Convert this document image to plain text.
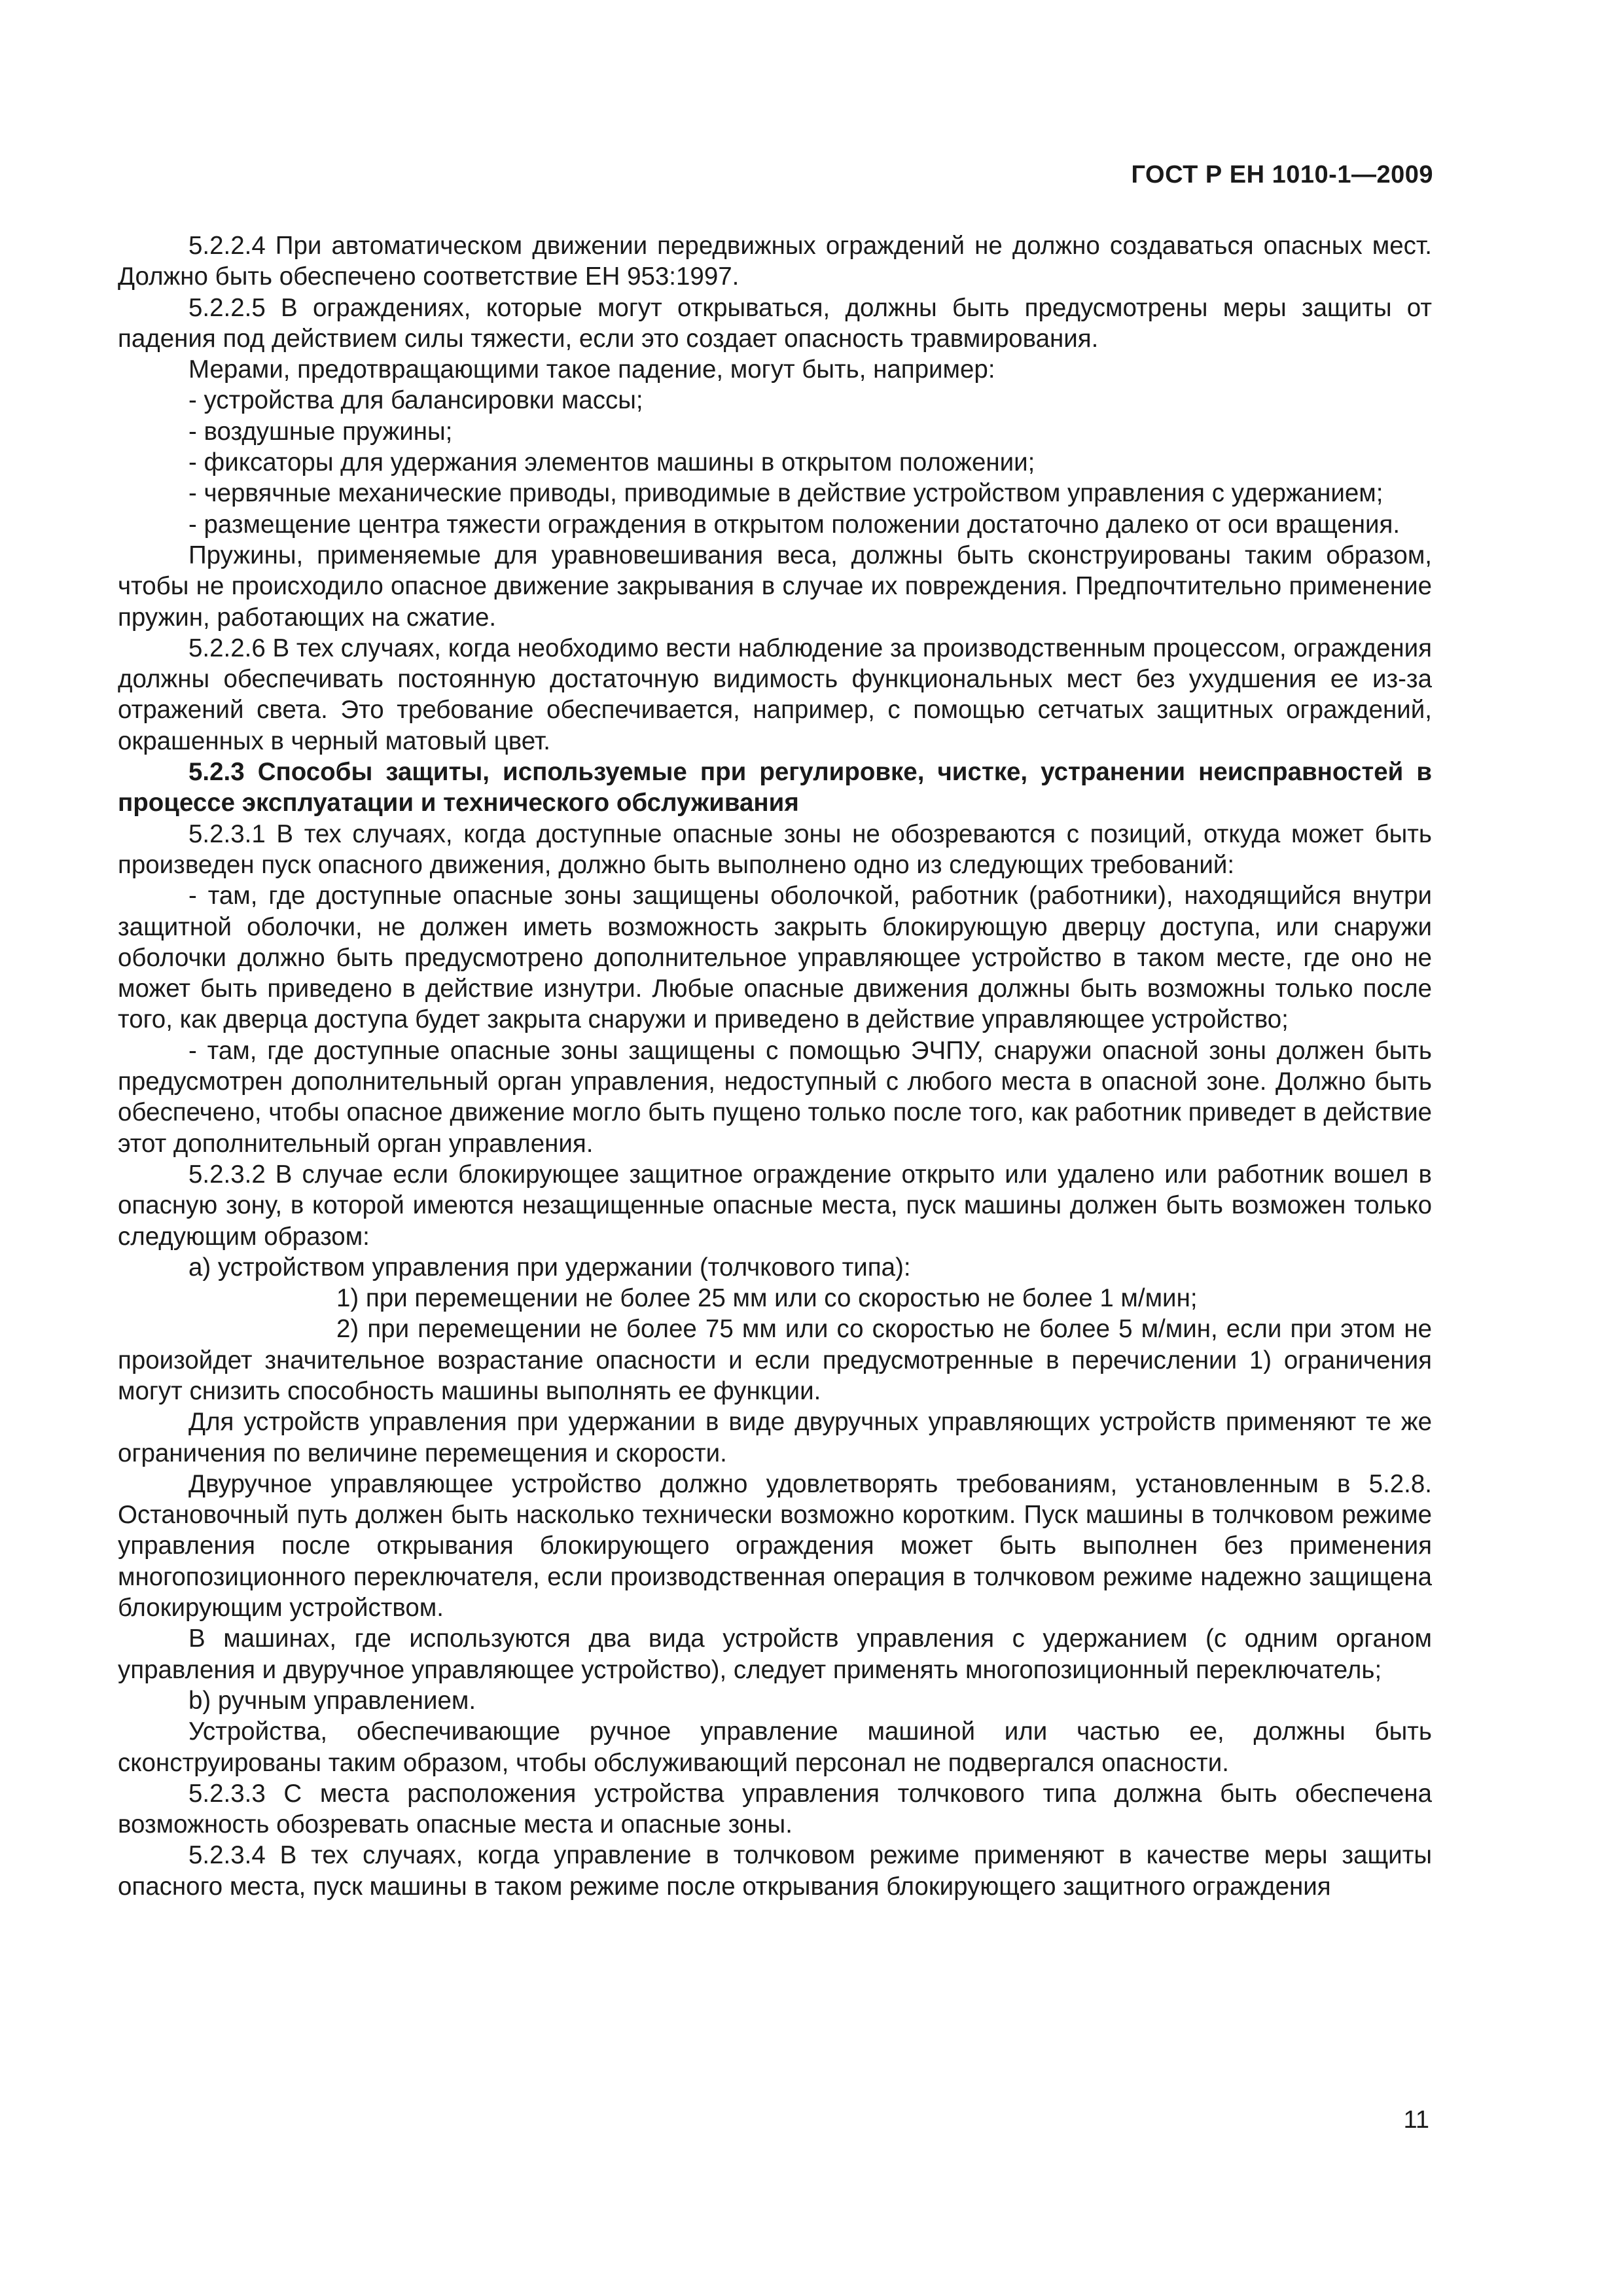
ГОСТ Р ЕН 1010-1—2009

5.2.2.4 При автоматическом движении передвижных ограждений не должно создаваться опасных мест. Должно быть обеспечено соответствие ЕН 953:1997.

5.2.2.5 В ограждениях, которые могут открываться, должны быть предусмотрены меры защиты от падения под действием силы тяжести, если это создает опасность травмирования.

Мерами, предотвращающими такое падение, могут быть, например:

- устройства для балансировки массы;

- воздушные пружины;

- фиксаторы для удержания элементов машины в открытом положении;

- червячные механические приводы, приводимые в действие устройством управления с удержанием;

- размещение центра тяжести ограждения в открытом положении достаточно далеко от оси вращения.

Пружины, применяемые для уравновешивания веса, должны быть сконструированы таким образом, чтобы не происходило опасное движение закрывания в случае их повреждения. Предпочтительно применение пружин, работающих на сжатие.

5.2.2.6 В тех случаях, когда необходимо вести наблюдение за производственным процессом, ограждения должны обеспечивать постоянную достаточную видимость функциональных мест без ухудшения ее из-за отражений света. Это требование обеспечивается, например, с помощью сетчатых защитных ограждений, окрашенных в черный матовый цвет.

5.2.3 Способы защиты, используемые при регулировке, чистке, устранении неисправностей в процессе эксплуатации и технического обслуживания

5.2.3.1 В тех случаях, когда доступные опасные зоны не обозреваются с позиций, откуда может быть произведен пуск опасного движения, должно быть выполнено одно из следующих требований:

- там, где доступные опасные зоны защищены оболочкой, работник (работники), находящийся внутри защитной оболочки, не должен иметь возможность закрыть блокирующую дверцу доступа, или снаружи оболочки должно быть предусмотрено дополнительное управляющее устройство в таком месте, где оно не может быть приведено в действие изнутри. Любые опасные движения должны быть возможны только после того, как дверца доступа будет закрыта снаружи и приведено в действие управляющее устройство;

- там, где доступные опасные зоны защищены с помощью ЭЧПУ, снаружи опасной зоны должен быть предусмотрен дополнительный орган управления, недоступный с любого места в опасной зоне. Должно быть обеспечено, чтобы опасное движение могло быть пущено только после того, как работник приведет в действие этот дополнительный орган управления.

5.2.3.2 В случае если блокирующее защитное ограждение открыто или удалено или работник вошел в опасную зону, в которой имеются незащищенные опасные места, пуск машины должен быть возможен только следующим образом:

а) устройством управления при удержании (толчкового типа):

1) при перемещении не более 25 мм или со скоростью не более 1 м/мин;

2) при перемещении не более 75 мм или со скоростью не более 5 м/мин, если при этом не произойдет значительное возрастание опасности и если предусмотренные в перечислении 1) ограничения могут снизить способность машины выполнять ее функции.

Для устройств управления при удержании в виде двуручных управляющих устройств применяют те же ограничения по величине перемещения и скорости.

Двуручное управляющее устройство должно удовлетворять требованиям, установленным в 5.2.8. Остановочный путь должен быть насколько технически возможно коротким. Пуск машины в толчковом режиме управления после открывания блокирующего ограждения может быть выполнен без применения многопозиционного переключателя, если производственная операция в толчковом режиме надежно защищена блокирующим устройством.

В машинах, где используются два вида устройств управления с удержанием (с одним органом управления и двуручное управляющее устройство), следует применять многопозиционный переключатель;

b) ручным управлением.

Устройства, обеспечивающие ручное управление машиной или частью ее, должны быть сконструированы таким образом, чтобы обслуживающий персонал не подвергался опасности.

5.2.3.3 С места расположения устройства управления толчкового типа должна быть обеспечена возможность обозревать опасные места и опасные зоны.

5.2.3.4 В тех случаях, когда управление в толчковом режиме применяют в качестве меры защиты опасного места, пуск машины в таком режиме после открывания блокирующего защитного ограждения

11
